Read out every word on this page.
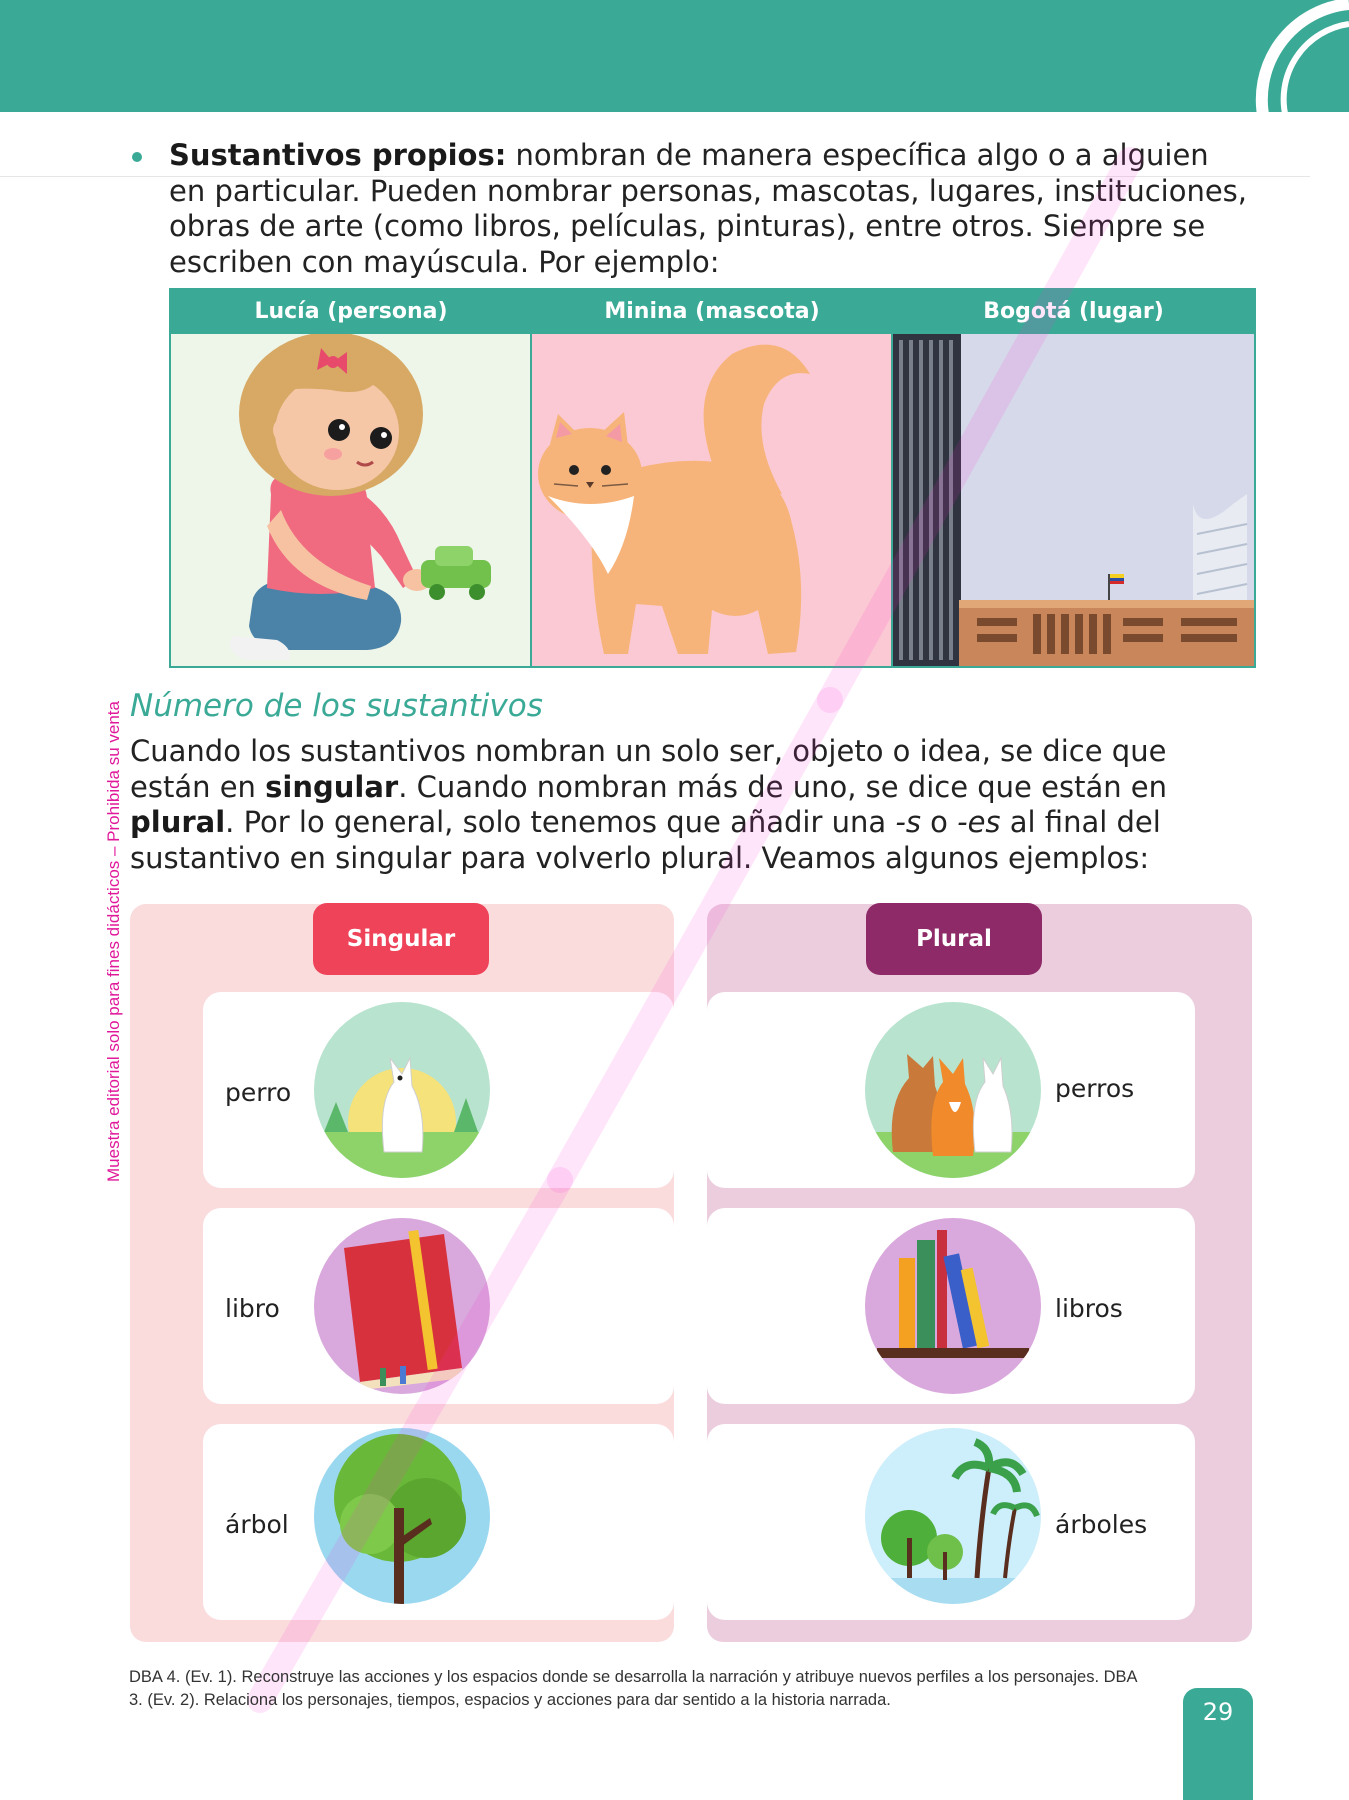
Muestra editorial solo para fines didácticos – Prohibida su venta
Sustantivos propios: nombran de manera específica algo o a alguien en particular. Pueden nombrar personas, mascotas, lugares, instituciones, obras de arte (como libros, películas, pinturas), entre otros. Siempre se escriben con mayúscula. Por ejemplo:
Lucía (persona)	Minina (mascota)	Bogotá (lugar)
Número de los sustantivos
Cuando los sustantivos nombran un solo ser, objeto o idea, se dice que están en singular. Cuando nombran más de uno, se dice que están en plural. Por lo general, solo tenemos que añadir una -s o -es al final del sustantivo en singular para volverlo plural. Veamos algunos ejemplos:
Singular
perro
libro
árbol
Plural
perros
libros
árboles
DBA 4. (Ev. 1). Reconstruye las acciones y los espacios donde se desarrolla la narración y atribuye nuevos perfiles a los personajes. DBA 3. (Ev. 2). Relaciona los personajes, tiempos, espacios y acciones para dar sentido a la historia narrada.	29
